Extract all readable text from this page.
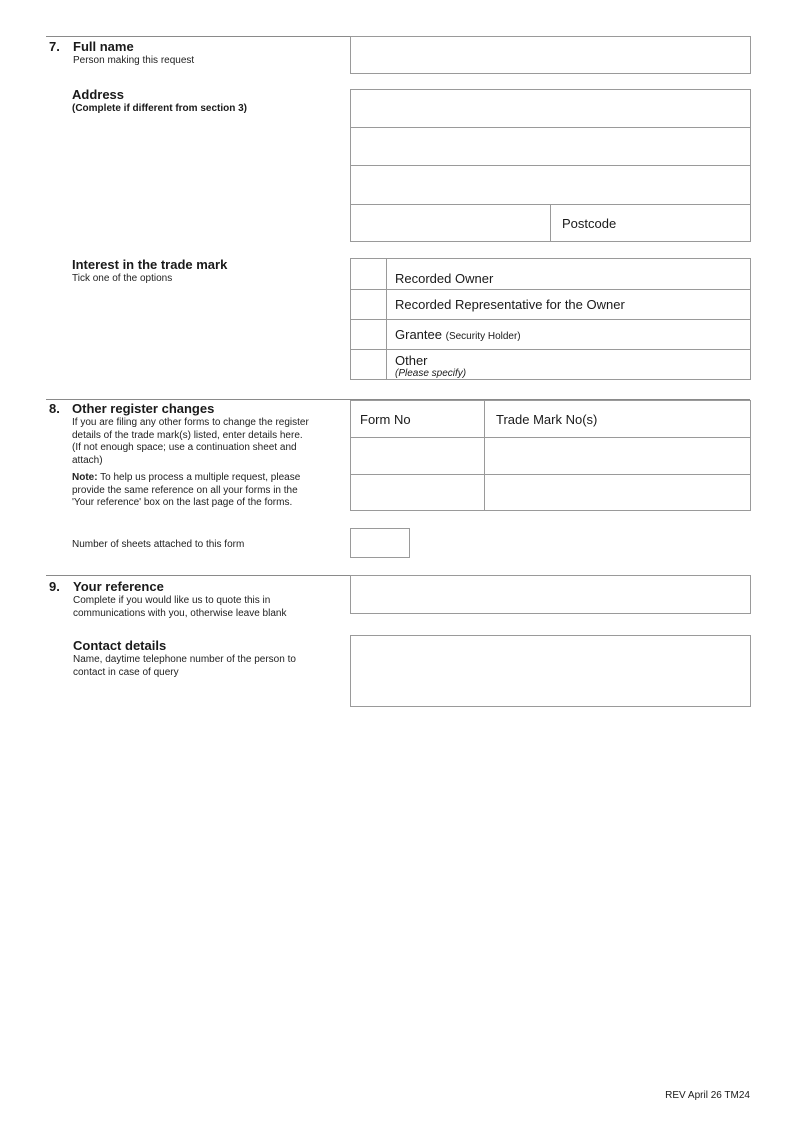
7. Full name
Person making this request
Address
(Complete if different from section 3)
Postcode
Interest in the trade mark
Tick one of the options	Recorded Owner
Recorded Representative for the Owner
Grantee (Security Holder)
Other
(Please specify)
8. Other register changes
If you are filing any other forms to change the register details of the trade mark(s) listed, enter details here. (If not enough space; use a continuation sheet and attach)
Note: To help us process a multiple request, please provide the same reference on all your forms in the 'Your reference' box on the last page of the forms.
Form No	Trade Mark No(s)
Number of sheets attached to this form
9. Your reference
Complete if you would like us to quote this in communications with you, otherwise leave blank
Contact details
Name, daytime telephone number of the person to contact in case of query
REV April 26 TM24
